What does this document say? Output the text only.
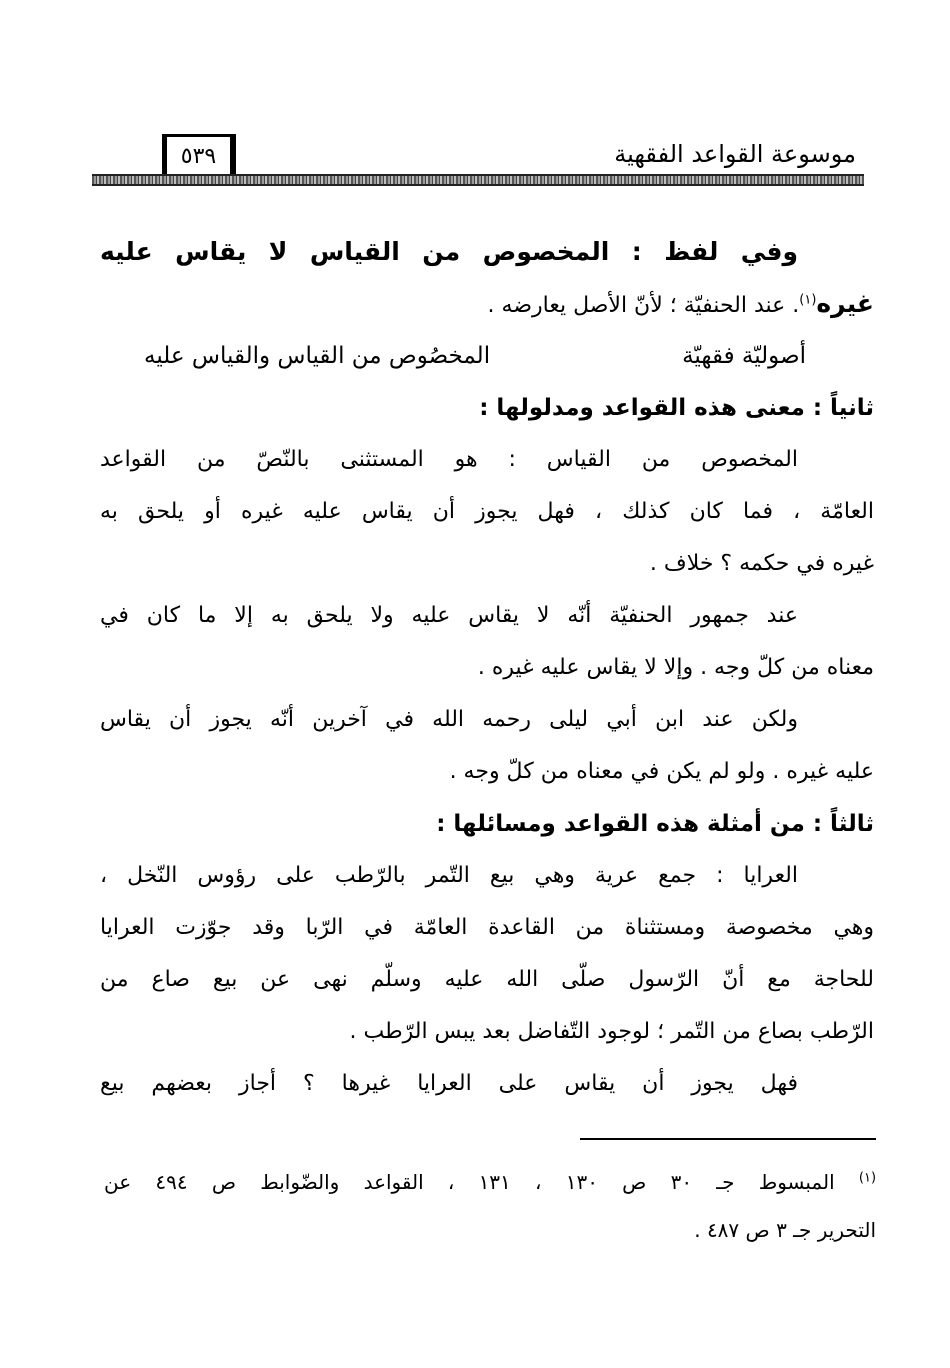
موسوعة القواعد الفقهية
٥٣٩
وفي لفظ : المخصوص من القياس لا يقاس عليه
غيره$^{(١)}$. عند الحنفيّة ؛ لأنّ الأصل يعارضه .
أصوليّة فقهيّة
المخصُوص من القياس والقياس عليه
ثانياً : معنى هذه القواعد ومدلولها :
المخصوص من القياس : هو المستثنى بالنّصّ من القواعد
العامّة ، فما كان كذلك ، فهل يجوز أن يقاس عليه غيره أو يلحق به
غيره في حكمه ؟ خلاف .
عند جمهور الحنفيّة أنّه لا يقاس عليه ولا يلحق به إلا ما كان في
معناه من كلّ وجه . وإلا لا يقاس عليه غيره .
ولكن عند ابن أبي ليلى رحمه الله في آخرين أنّه يجوز أن يقاس
عليه غيره . ولو لم يكن في معناه من كلّ وجه .
ثالثاً : من أمثلة هذه القواعد ومسائلها :
العرايا : جمع عرية وهي بيع التّمر بالرّطب على رؤوس النّخل ،
وهي مخصوصة ومستثناة من القاعدة العامّة في الرّبا وقد جوّزت العرايا
للحاجة مع أنّ الرّسول صلّى الله عليه وسلّم نهى عن بيع صاع من
الرّطب بصاع من التّمر ؛ لوجود التّفاضل بعد يبس الرّطب .
فهل يجوز أن يقاس على العرايا غيرها ؟ أجاز بعضهم بيع
$^{(١)}$ المبسوط جـ ٣٠ ص ١٣٠ ، ١٣١ ، القواعد والضّوابط ص ٤٩٤ عن
التحرير جـ ٣ ص ٤٨٧ .
